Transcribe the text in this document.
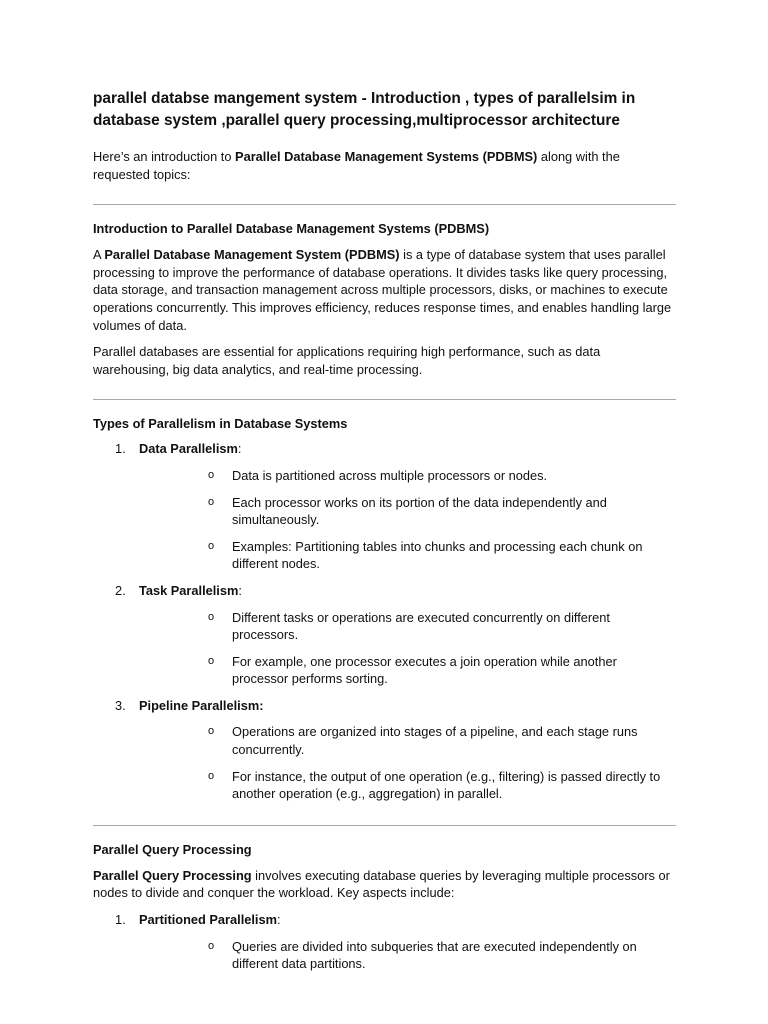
parallel databse mangement system - Introduction , types of parallelsim in database system ,parallel query processing,multiprocessor architecture

Here’s an introduction to Parallel Database Management Systems (PDBMS) along with the requested topics:

Introduction to Parallel Database Management Systems (PDBMS)

A Parallel Database Management System (PDBMS) is a type of database system that uses parallel processing to improve the performance of database operations. It divides tasks like query processing, data storage, and transaction management across multiple processors, disks, or machines to execute operations concurrently. This improves efficiency, reduces response times, and enables handling large volumes of data.

Parallel databases are essential for applications requiring high performance, such as data warehousing, big data analytics, and real-time processing.

Types of Parallelism in Database Systems
1. Data Parallelism:
o Data is partitioned across multiple processors or nodes.
o Each processor works on its portion of the data independently and simultaneously.
o Examples: Partitioning tables into chunks and processing each chunk on different nodes.
2. Task Parallelism:
o Different tasks or operations are executed concurrently on different processors.
o For example, one processor executes a join operation while another processor performs sorting.
3. Pipeline Parallelism:
o Operations are organized into stages of a pipeline, and each stage runs concurrently.
o For instance, the output of one operation (e.g., filtering) is passed directly to another operation (e.g., aggregation) in parallel.
Parallel Query Processing

Parallel Query Processing involves executing database queries by leveraging multiple processors or nodes to divide and conquer the workload. Key aspects include:

1. Partitioned Parallelism:
o Queries are divided into subqueries that are executed independently on different data partitions.
